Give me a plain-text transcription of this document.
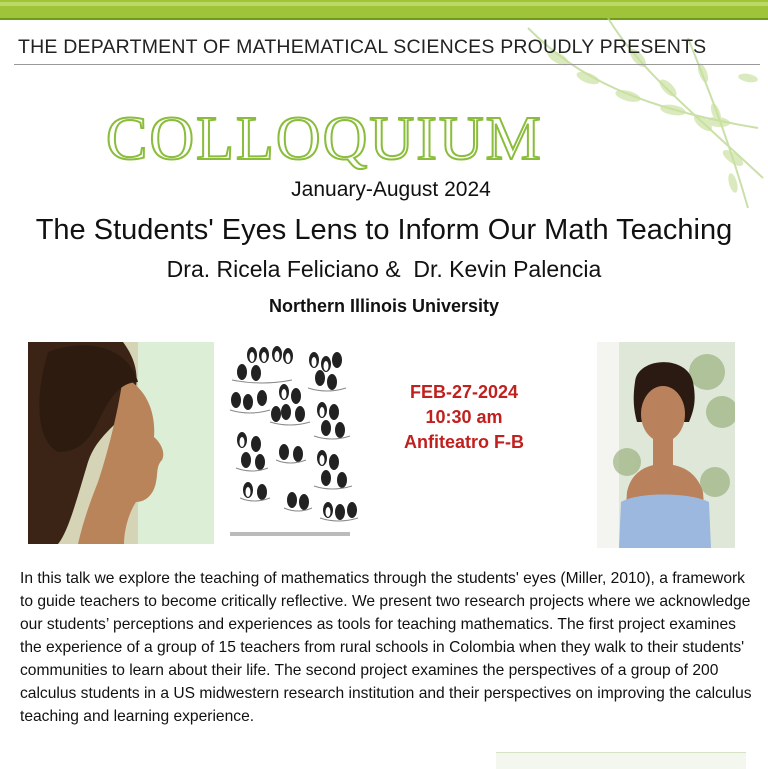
THE DEPARTMENT OF MATHEMATICAL SCIENCES PROUDLY PRESENTS
COLLOQUIUM
January-August 2024
The Students' Eyes Lens to Inform Our Math Teaching
Dra. Ricela Feliciano &  Dr. Kevin Palencia
Northern Illinois University
FEB-27-2024
10:30 am
Anfiteatro F-B
In this talk we explore the teaching of mathematics through the students' eyes (Miller, 2010), a framework to guide teachers to become critically reflective. We present two research projects where we acknowledge our students’ perceptions and experiences as tools for teaching mathematics. The first project examines the experience of a group of 15 teachers from rural schools in Colombia when they walk to their students' communities to learn about their life. The second project examines the perspectives of a group of 200 calculus students in a US midwestern research institution and their perspectives on improving the calculus teaching and learning experience.
